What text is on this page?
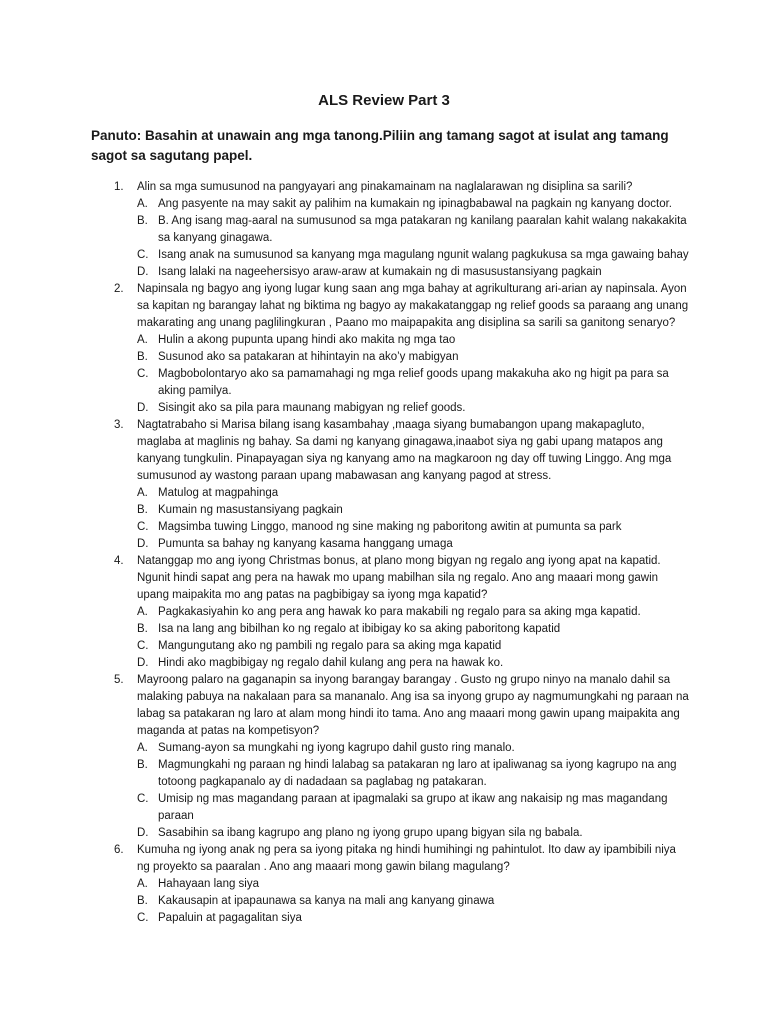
ALS Review Part 3
Panuto: Basahin at unawain ang mga tanong.Piliin ang tamang sagot at isulat ang tamang sagot sa sagutang papel.
1. Alin sa mga sumusunod na pangyayari ang pinakamainam na naglalarawan ng disiplina sa sarili?
A. Ang pasyente na may sakit ay palihim na kumakain ng ipinagbabawal na pagkain ng kanyang doctor.
B. B. Ang isang mag-aaral na sumusunod sa mga patakaran ng kanilang paaralan kahit walang nakakakita sa kanyang ginagawa.
C. Isang anak na sumusunod sa kanyang mga magulang ngunit walang pagkukusa sa mga gawaing bahay
D. Isang lalaki na nageehersisyo araw-araw at kumakain ng di masusustansiyang pagkain
2. Napinsala ng bagyo ang iyong lugar kung saan ang mga bahay at agrikulturang ari-arian ay napinsala. Ayon sa kapitan ng barangay lahat ng biktima ng bagyo ay makakatanggap ng relief goods sa paraang ang unang makarating ang unang paglilingkuran , Paano mo maipapakita ang disiplina sa sarili sa ganitong senaryo?
A. Hulin a akong pupunta upang hindi ako makita ng mga tao
B. Susunod ako sa patakaran at hihintayin na ako’y mabigyan
C. Magbobolontaryo ako sa pamamahagi ng mga relief goods upang makakuha ako ng higit pa para sa aking pamilya.
D. Sisingit ako sa pila para maunang mabigyan ng relief goods.
3. Nagtatrabaho si Marisa bilang isang kasambahay ,maaga siyang bumabangon upang makapagluto, maglaba at maglinis ng bahay. Sa dami ng kanyang ginagawa,inaabot siya ng gabi upang matapos ang kanyang tungkulin. Pinapayagan siya ng kanyang amo na magkaroon ng day off tuwing Linggo. Ang mga sumusunod ay wastong paraan upang mabawasan ang kanyang pagod at stress.
A. Matulog at magpahinga
B. Kumain ng masustansiyang pagkain
C. Magsimba tuwing Linggo, manood ng sine making ng paboritong awitin at pumunta sa park
D. Pumunta sa bahay ng kanyang kasama hanggang umaga
4. Natanggap mo ang iyong Christmas bonus, at plano mong bigyan ng regalo ang iyong apat na kapatid. Ngunit hindi sapat ang pera na hawak mo upang mabilhan sila ng regalo. Ano ang maaari mong gawin upang maipakita mo ang patas na pagbibigay sa iyong mga kapatid?
A. Pagkakasiyahin ko ang pera ang hawak ko para makabili ng regalo para sa aking mga kapatid.
B. Isa na lang ang bibilhan ko ng regalo at ibibigay ko sa aking paboritong kapatid
C. Mangungutang ako ng pambili ng regalo para sa aking mga kapatid
D. Hindi ako magbibigay ng regalo dahil kulang ang pera na hawak ko.
5. Mayroong palaro na gaganapin sa inyong barangay barangay . Gusto ng grupo ninyo na manalo dahil sa malaking pabuya na nakalaan para sa mananalo. Ang isa sa inyong grupo ay nagmumungkahi ng paraan na labag sa patakaran ng laro at alam mong hindi ito tama. Ano ang maaari mong gawin upang maipakita ang maganda at patas na kompetisyon?
A. Sumang-ayon sa mungkahi ng iyong kagrupo dahil gusto ring manalo.
B. Magmungkahi ng paraan ng hindi lalabag sa patakaran ng laro at ipaliwanag sa iyong kagrupo na ang totoong pagkapanalo ay di nadadaan sa paglabag ng patakaran.
C. Umisip ng mas magandang paraan at ipagmalaki sa grupo at ikaw ang nakaisip ng mas magandang paraan
D. Sasabihin sa ibang kagrupo ang plano ng iyong grupo upang bigyan sila ng babala.
6. Kumuha ng iyong anak ng pera sa iyong pitaka ng hindi humihingi ng pahintulot. Ito daw ay ipambibili niya ng proyekto sa paaralan . Ano ang maaari mong gawin bilang magulang?
A. Hahayaan lang siya
B. Kakausapin at ipapaunawa sa kanya na mali ang kanyang ginawa
C. Papaluin at pagagalitan siya
